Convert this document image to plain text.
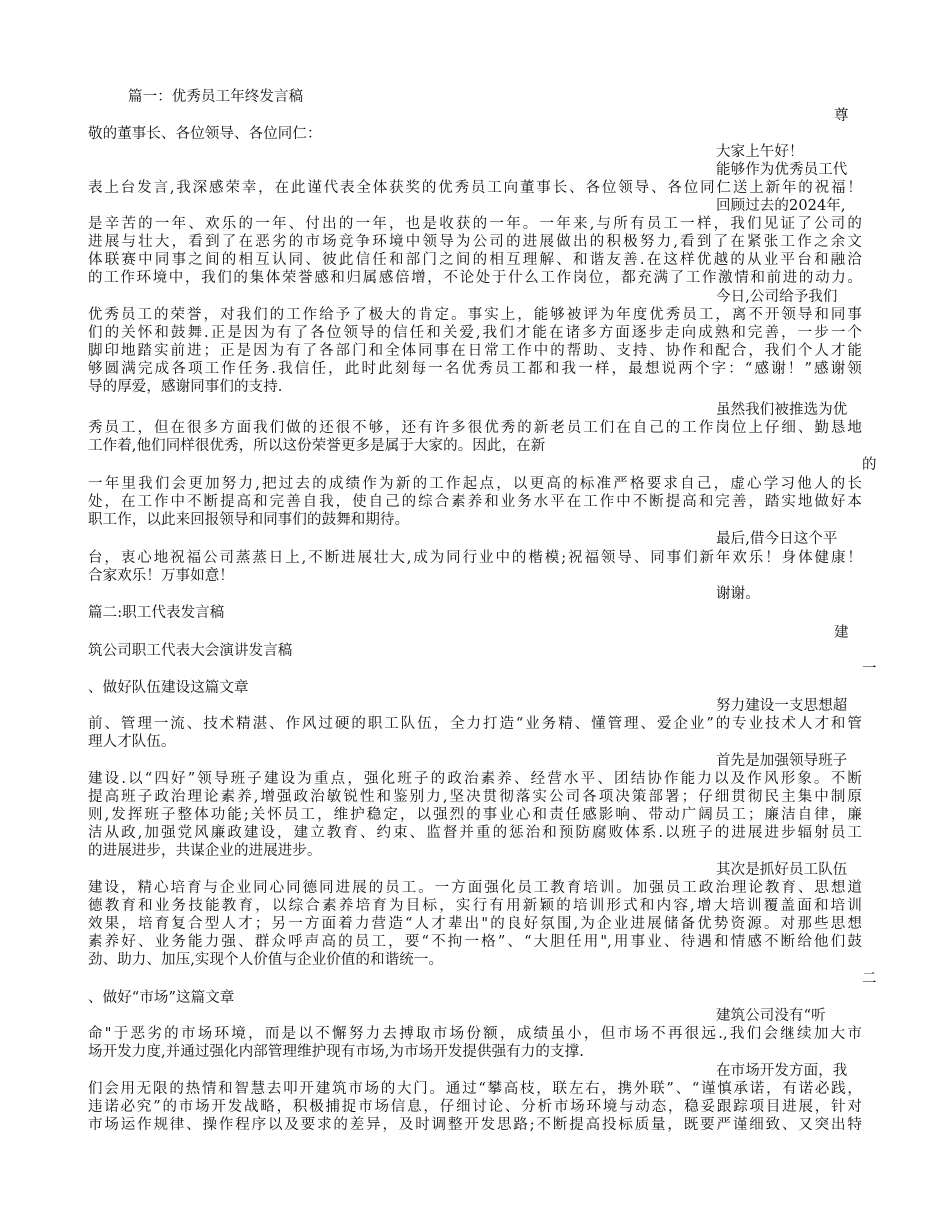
篇一：优秀员工年终发言稿
尊
敬的董事长、各位领导、各位同仁：
大家上午好！
能够作为优秀员工代
表上台发言,我深感荣幸，在此谨代表全体获奖的优秀员工向董事长、各位领导、各位同仁送上新年的祝福！
回顾过去的2024年,
是辛苦的一年、欢乐的一年、付出的一年，也是收获的一年。一年来,与所有员工一样，我们见证了公司的
进展与壮大，看到了在恶劣的市场竞争环境中领导为公司的进展做出的积极努力,看到了在紧张工作之余文
体联赛中同事之间的相互认同、彼此信任和部门之间的相互理解、和谐友善.在这样优越的从业平台和融洽
的工作环境中，我们的集体荣誉感和归属感倍增，不论处于什么工作岗位，都充满了工作激情和前进的动力。
今日,公司给予我们
优秀员工的荣誉，对我们的工作给予了极大的肯定。事实上，能够被评为年度优秀员工，离不开领导和同事
们的关怀和鼓舞.正是因为有了各位领导的信任和关爱,我们才能在诸多方面逐步走向成熟和完善，一步一个
脚印地踏实前进；正是因为有了各部门和全体同事在日常工作中的帮助、支持、协作和配合，我们个人才能
够圆满完成各项工作任务.我信任，此时此刻每一名优秀员工都和我一样，最想说两个字：“感谢！”感谢领
导的厚爱，感谢同事们的支持.
虽然我们被推选为优
秀员工，但在很多方面我们做的还很不够，还有许多很优秀的新老员工们在自己的工作岗位上仔细、勤恳地
工作着,他们同样很优秀，所以这份荣誉更多是属于大家的。因此，在新
的
一年里我们会更加努力,把过去的成绩作为新的工作起点，以更高的标准严格要求自己，虚心学习他人的长
处，在工作中不断提高和完善自我，使自己的综合素养和业务水平在工作中不断提高和完善，踏实地做好本
职工作，以此来回报领导和同事们的鼓舞和期待。
最后,借今日这个平
台，衷心地祝福公司蒸蒸日上,不断进展壮大,成为同行业中的楷模;祝福领导、同事们新年欢乐！身体健康！
合家欢乐！万事如意！
谢谢。
篇二:职工代表发言稿
建
筑公司职工代表大会演讲发言稿
一
、做好队伍建设这篇文章
努力建设一支思想超
前、管理一流、技术精湛、作风过硬的职工队伍，全力打造“业务精、懂管理、爱企业”的专业技术人才和管
理人才队伍。
首先是加强领导班子
建设.以“四好”领导班子建设为重点，强化班子的政治素养、经营水平、团结协作能力以及作风形象。不断
提高班子政治理论素养,增强政治敏锐性和鉴别力,坚决贯彻落实公司各项决策部署；仔细贯彻民主集中制原
则,发挥班子整体功能;关怀员工，维护稳定，以强烈的事业心和责任感影响、带动广阔员工；廉洁自律，廉
洁从政,加强党风廉政建设，建立教育、约束、监督并重的惩治和预防腐败体系.以班子的进展进步辐射员工
的进展进步，共谋企业的进展进步。
其次是抓好员工队伍
建设，精心培育与企业同心同德同进展的员工。一方面强化员工教育培训。加强员工政治理论教育、思想道
德教育和业务技能教育，以综合素养培育为目标，实行有用新颖的培训形式和内容,增大培训覆盖面和培训
效果，培育复合型人才；另一方面着力营造“人才辈出"的良好氛围,为企业进展储备优势资源。对那些思想
素养好、业务能力强、群众呼声高的员工，要“不拘一格”、“大胆任用",用事业、待遇和情感不断给他们鼓
劲、助力、加压,实现个人价值与企业价值的和谐统一。
二
、做好“市场”这篇文章
建筑公司没有“听
命"于恶劣的市场环境，而是以不懈努力去搏取市场份额，成绩虽小，但市场不再很远.,我们会继续加大市
场开发力度,并通过强化内部管理维护现有市场,为市场开发提供强有力的支撑.
在市场开发方面，我
们会用无限的热情和智慧去叩开建筑市场的大门。通过“攀高枝，联左右，携外联”、“谨慎承诺，有诺必践，
违诺必究”的市场开发战略，积极捕捉市场信息，仔细讨论、分析市场环境与动态，稳妥跟踪项目进展，针对
市场运作规律、操作程序以及要求的差异，及时调整开发思路;不断提高投标质量，既要严谨细致、又突出特
